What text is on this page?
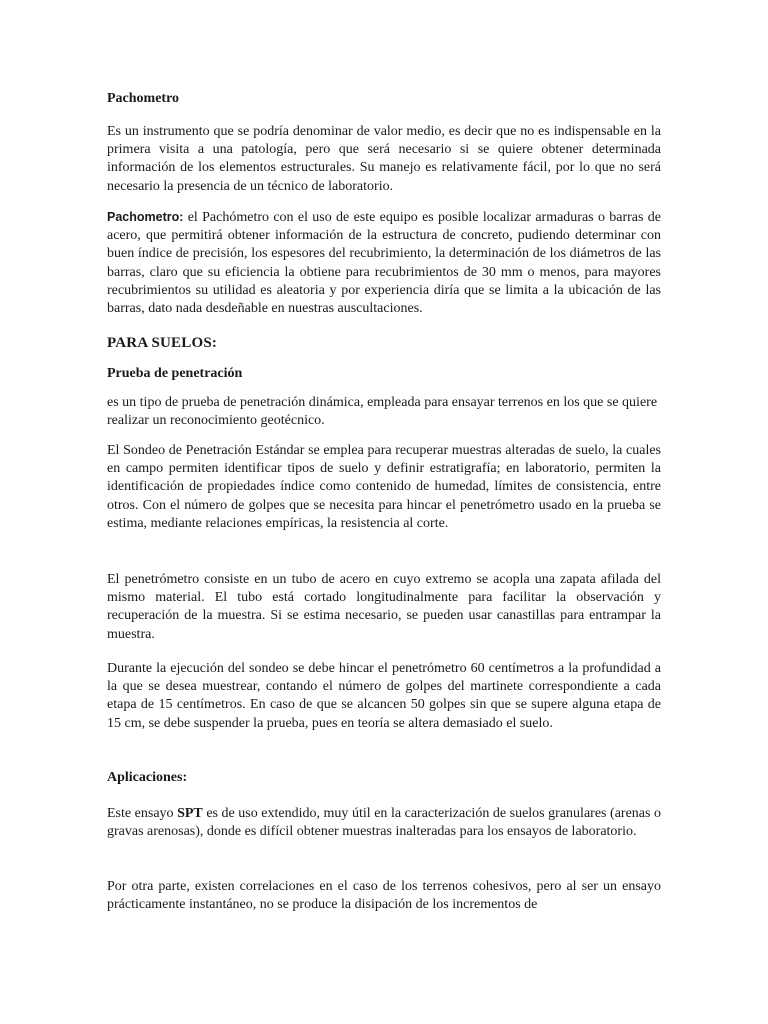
Pachometro

Es un instrumento que se podría denominar de valor medio, es decir que no es indispensable en la primera visita a una patología, pero que será necesario si se quiere obtener determinada información de los elementos estructurales. Su manejo es relativamente fácil, por lo que no será necesario la presencia de un técnico de laboratorio.

Pachometro: el Pachómetro con el uso de este equipo es posible localizar armaduras o barras de acero, que permitirá obtener información de la estructura de concreto, pudiendo determinar con buen índice de precisión, los espesores del recubrimiento, la determinación de los diámetros de las barras, claro que su eficiencia la obtiene para recubrimientos de 30 mm o menos, para mayores recubrimientos su utilidad es aleatoria y por experiencia diría que se limita a la ubicación de las barras, dato nada desdeñable en nuestras auscultaciones.

PARA SUELOS:

Prueba de penetración

es un tipo de prueba de penetración dinámica, empleada para ensayar terrenos en los que se quiere realizar un reconocimiento geotécnico.

El Sondeo de Penetración Estándar se emplea para recuperar muestras alteradas de suelo, la cuales en campo permiten identificar tipos de suelo y definir estratigrafía; en laboratorio, permiten la identificación de propiedades índice como contenido de humedad, límites de consistencia, entre otros. Con el número de golpes que se necesita para hincar el penetrómetro usado en la prueba se estima, mediante relaciones empíricas, la resistencia al corte.

El penetrómetro consiste en un tubo de acero en cuyo extremo se acopla una zapata afilada del mismo material. El tubo está cortado longitudinalmente para facilitar la observación y recuperación de la muestra. Si se estima necesario, se pueden usar canastillas para entrampar la muestra.

Durante la ejecución del sondeo se debe hincar el penetrómetro 60 centímetros a la profundidad a la que se desea muestrear, contando el número de golpes del martinete correspondiente a cada etapa de 15 centímetros. En caso de que se alcancen 50 golpes sin que se supere alguna etapa de 15 cm, se debe suspender la prueba, pues en teoría se altera demasiado el suelo.

Aplicaciones:

Este ensayo SPT es de uso extendido, muy útil en la caracterización de suelos granulares (arenas o gravas arenosas), donde es difícil obtener muestras inalteradas para los ensayos de laboratorio.

Por otra parte, existen correlaciones en el caso de los terrenos cohesivos, pero al ser un ensayo prácticamente instantáneo, no se produce la disipación de los incrementos de
